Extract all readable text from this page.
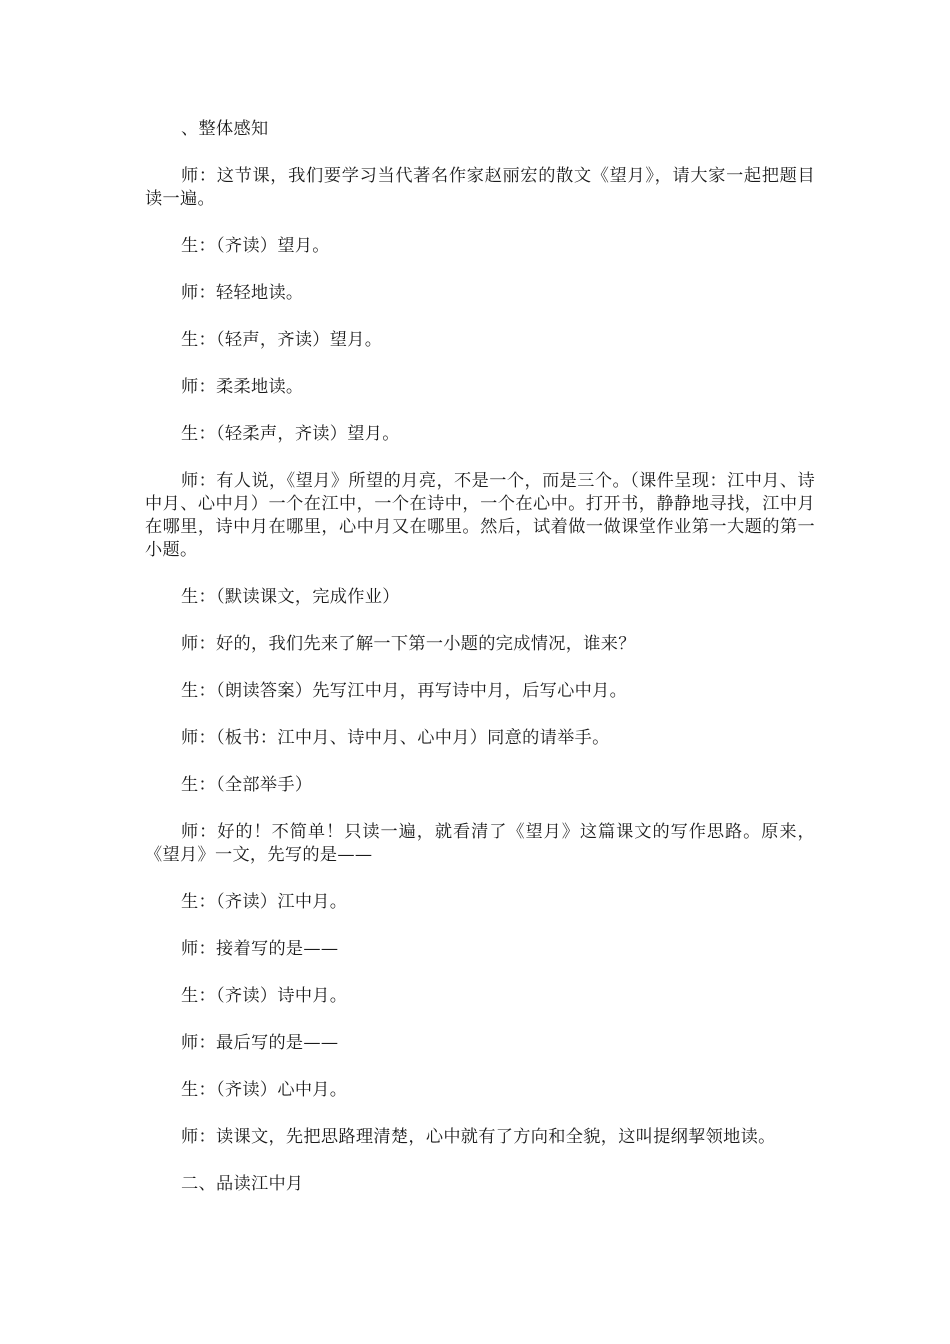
、整体感知

师：这节课，我们要学习当代著名作家赵丽宏的散文《望月》，请大家一起把题目读一遍。

生：（齐读）望月。

师：轻轻地读。

生：（轻声，齐读）望月。

师：柔柔地读。

生：（轻柔声，齐读）望月。

师：有人说，《望月》所望的月亮，不是一个，而是三个。（课件呈现：江中月、诗中月、心中月）一个在江中，一个在诗中，一个在心中。打开书，静静地寻找，江中月在哪里，诗中月在哪里，心中月又在哪里。然后，试着做一做课堂作业第一大题的第一小题。

生：（默读课文，完成作业）

师：好的，我们先来了解一下第一小题的完成情况，谁来？

生：（朗读答案）先写江中月，再写诗中月，后写心中月。

师：（板书：江中月、诗中月、心中月）同意的请举手。

生：（全部举手）

师：好的！不简单！只读一遍，就看清了《望月》这篇课文的写作思路。原来，《望月》一文，先写的是——

生：（齐读）江中月。

师：接着写的是——

生：（齐读）诗中月。

师：最后写的是——

生：（齐读）心中月。

师：读课文，先把思路理清楚，心中就有了方向和全貌，这叫提纲挈领地读。

二、品读江中月
